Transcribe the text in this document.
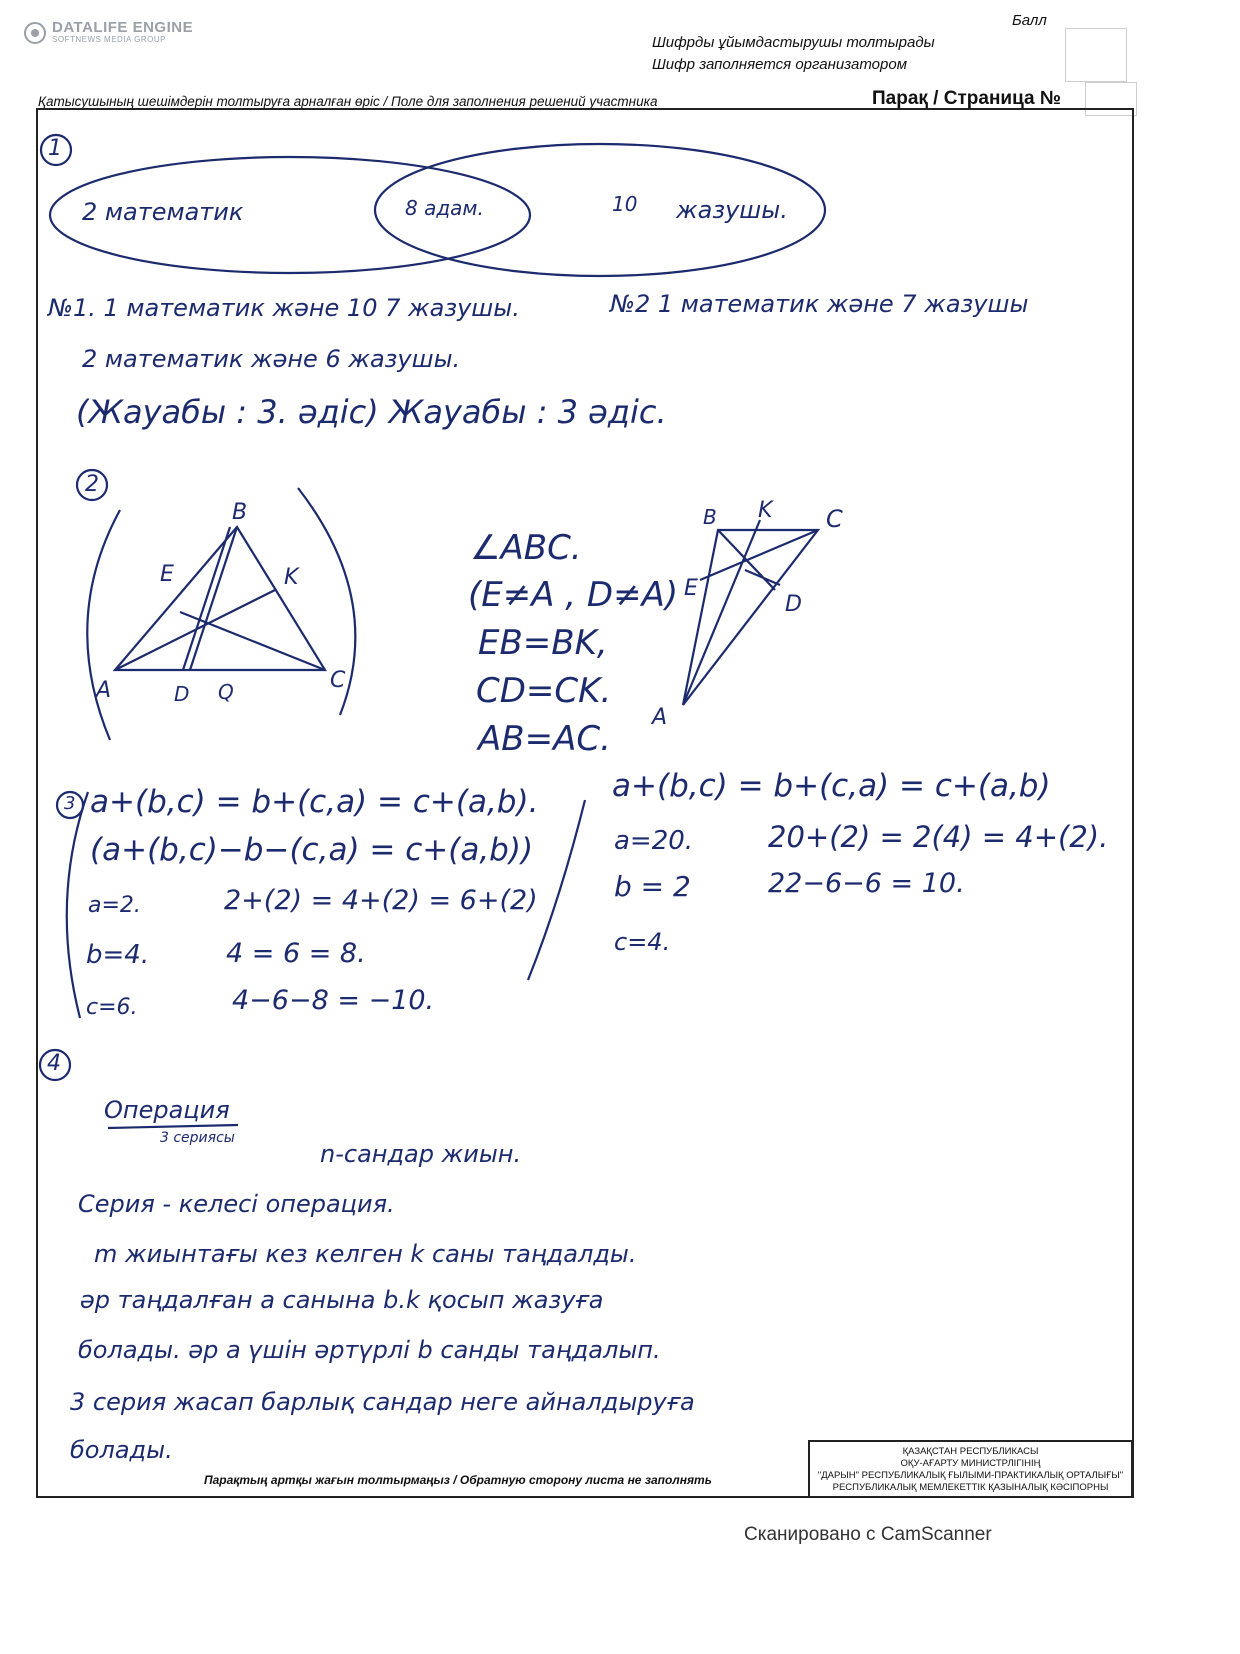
DATALIFE ENGINE
SOFTNEWS MEDIA GROUP
Балл
Шифрды ұйымдастырушы толтырады
Шифр заполняется организатором
Қатысушының шешімдерін толтыруға арналған өріс / Поле для заполнения решений участника	Парақ / Страница №
1
2 математик	8 адам.	10 жазушы.
№1. 1 математик және 10 7 жазушы.	№2 1 математик және 7 жазушы
2 математик және 6 жазушы.
(Жауабы : 3. әдіс) Жауабы : 3 әдіс.
2
B
E	K
A	D Q	C
∠ABC.
(E≠A , D≠A)
EB=BK,
CD=CK.
AB=AC.
B K C
E
D
A
3 a+(b,c) = b+(c,a) = c+(a,b).
(a+(b,c)−b−(c,a) = c+(a,b))
a=2.	2+(2) = 4+(2) = 6+(2)
b=4.	4 = 6 = 8.
c=6.	4−6−8 = −10.
a+(b,c) = b+(c,a) = c+(a,b)
a=20.	20+(2) = 2(4) = 4+(2).
b = 2	22−6−6 = 10.
c=4.
4
Операция
3 сериясы
n-сандар жиын.
Серия - келесі операция.
m жиынтағы кез келген k саны таңдалды.
әр таңдалған a санына b.k қосып жазуға
болады. әр a үшін әртүрлі b санды таңдалып.
3 серия жасап барлық сандар неге айналдыруға
болады.
Парақтың артқы жағын толтырмаңыз / Обратную сторону листа не заполнять
ҚАЗАҚСТАН РЕСПУБЛИКАСЫ
ОҚУ-АҒАРТУ МИНИСТРЛІГІНІҢ
"ДАРЫН" РЕСПУБЛИКАЛЫҚ ҒЫЛЫМИ-ПРАКТИКАЛЫҚ ОРТАЛЫҒЫ"
РЕСПУБЛИКАЛЫҚ МЕМЛЕКЕТТІК ҚАЗЫНАЛЫҚ КӘСІПОРНЫ
Сканировано с CamScanner
